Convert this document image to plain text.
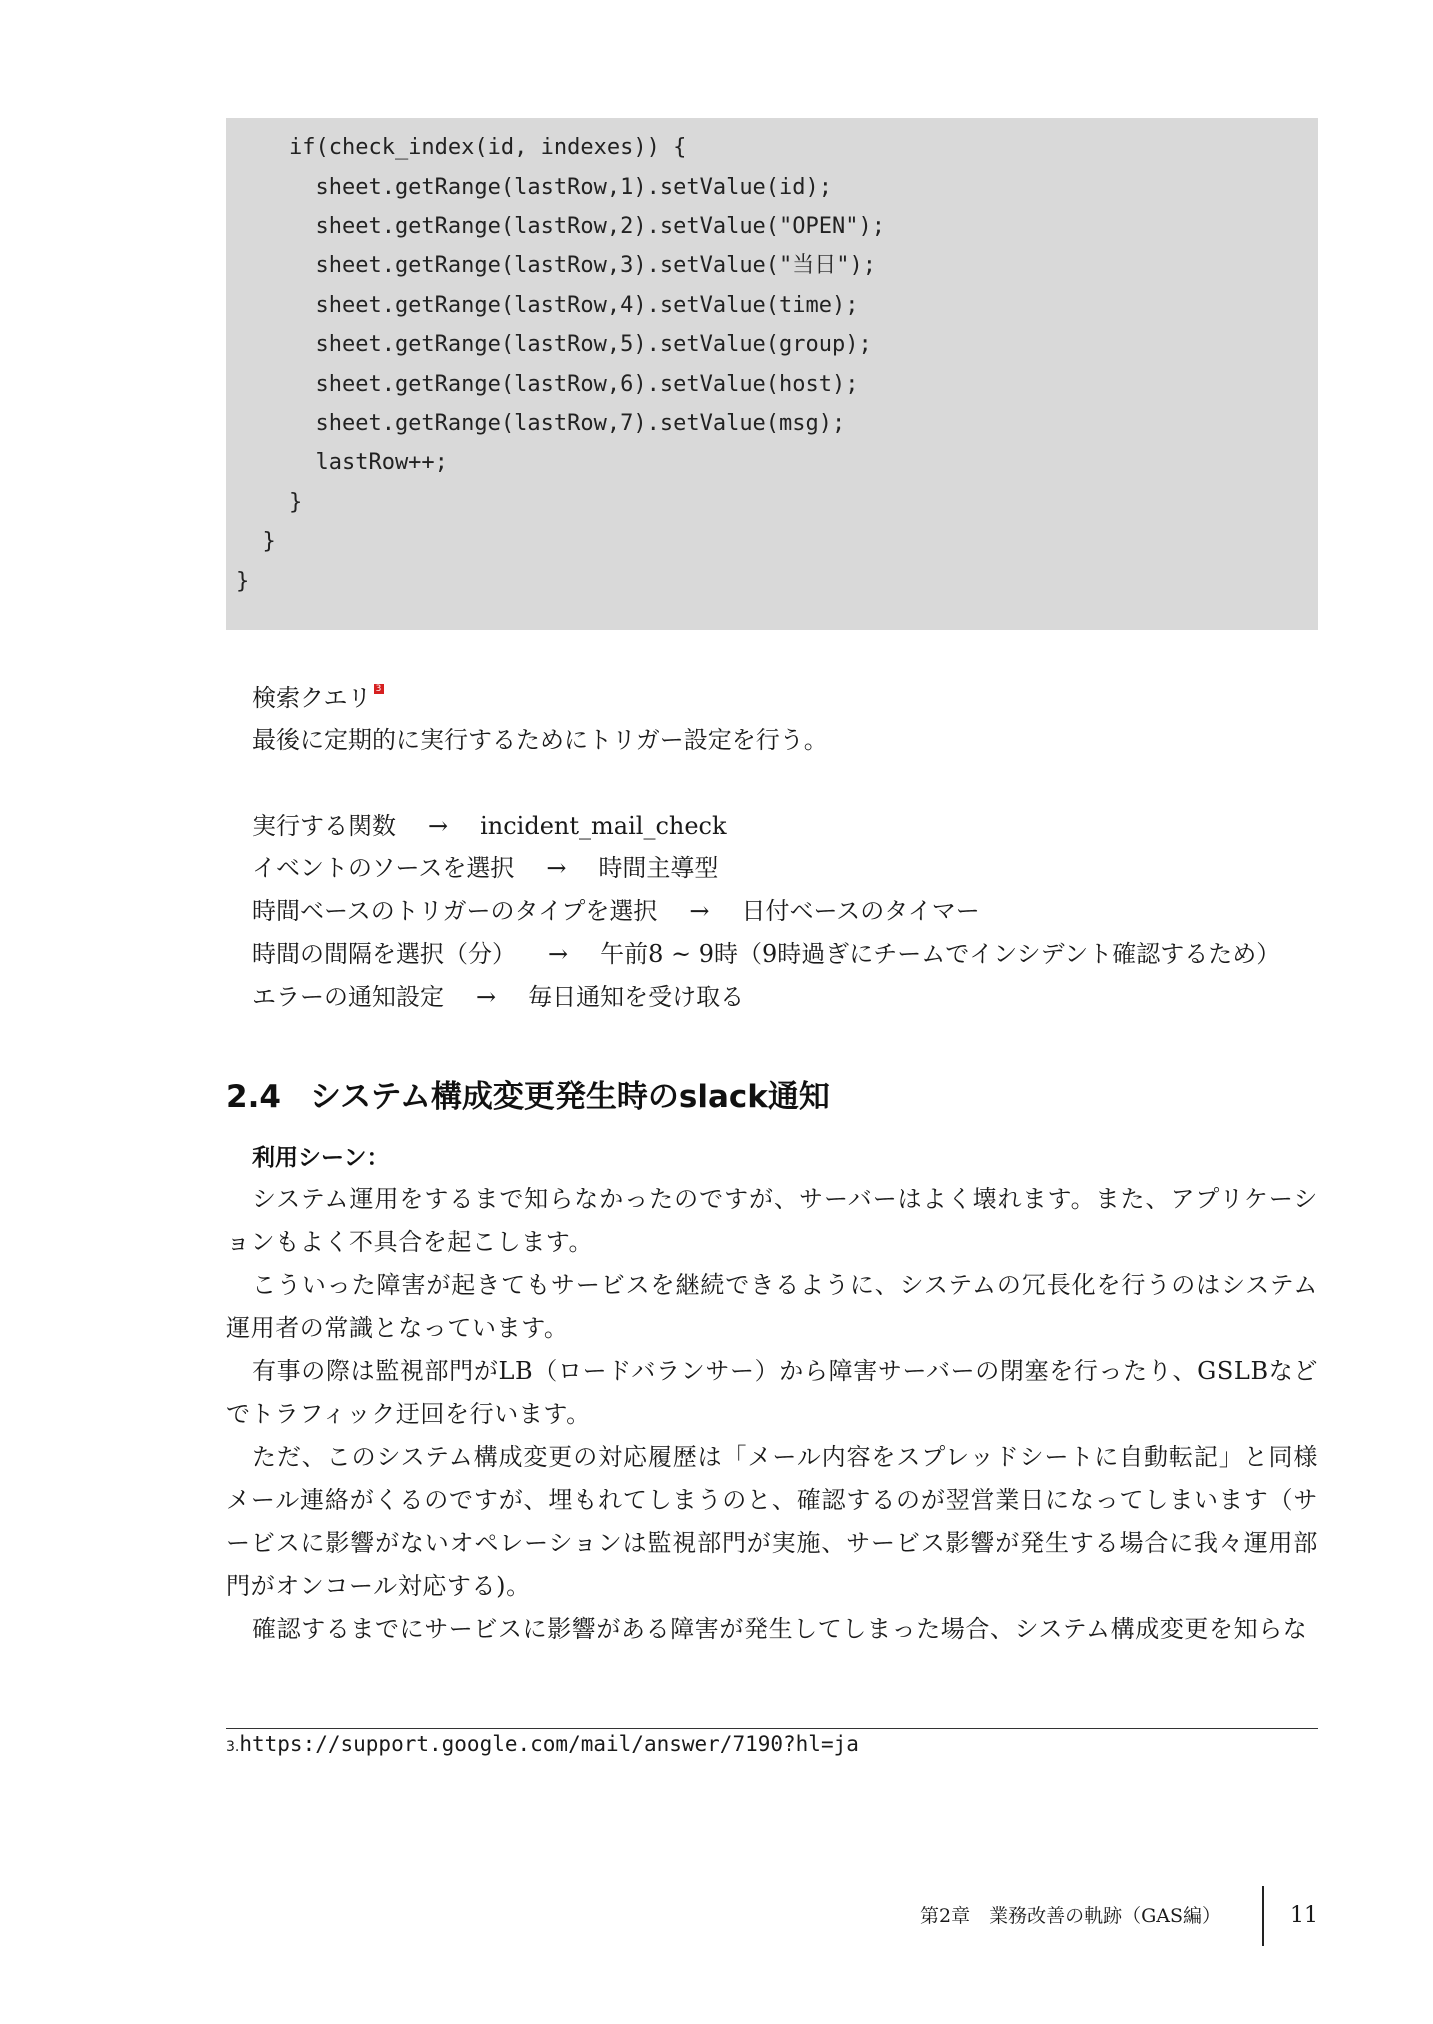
if(check_index(id, indexes)) {
sheet.getRange(lastRow,1).setValue(id);
sheet.getRange(lastRow,2).setValue("OPEN");
sheet.getRange(lastRow,3).setValue("当日");
sheet.getRange(lastRow,4).setValue(time);
sheet.getRange(lastRow,5).setValue(group);
sheet.getRange(lastRow,6).setValue(host);
sheet.getRange(lastRow,7).setValue(msg);
lastRow++;
}
}
}
検索クエリ 3
最後に定期的に実行するためにトリガー設定を行う。
実行する関数 → incident_mail_check
イベントのソースを選択 → 時間主導型
時間ベースのトリガーのタイプを選択 → 日付ベースのタイマー
時間の間隔を選択（分） → 午前8 ~ 9時（9時過ぎにチームでインシデント確認するため）
エラーの通知設定 → 毎日通知を受け取る
2.4 システム構成変更発生時のslack通知
利用シーン：
システム運用をするまで知らなかったのですが、サーバーはよく壊れます。また、アプリケーションもよく不具合を起こします。
こういった障害が起きてもサービスを継続できるように、システムの冗長化を行うのはシステム運用者の常識となっています。
有事の際は監視部門がLB（ロードバランサー）から障害サーバーの閉塞を行ったり、GSLBなどでトラフィック迂回を行います。
ただ、このシステム構成変更の対応履歴は「メール内容をスプレッドシートに自動転記」と同様メール連絡がくるのですが、埋もれてしまうのと、確認するのが翌営業日になってしまいます（サービスに影響がないオペレーションは監視部門が実施、サービス影響が発生する場合に我々運用部門がオンコール対応する)。
確認するまでにサービスに影響がある障害が発生してしまった場合、システム構成変更を知らな
3.https://support.google.com/mail/answer/7190?hl=ja
第2章　業務改善の軌跡（GAS編）	11
